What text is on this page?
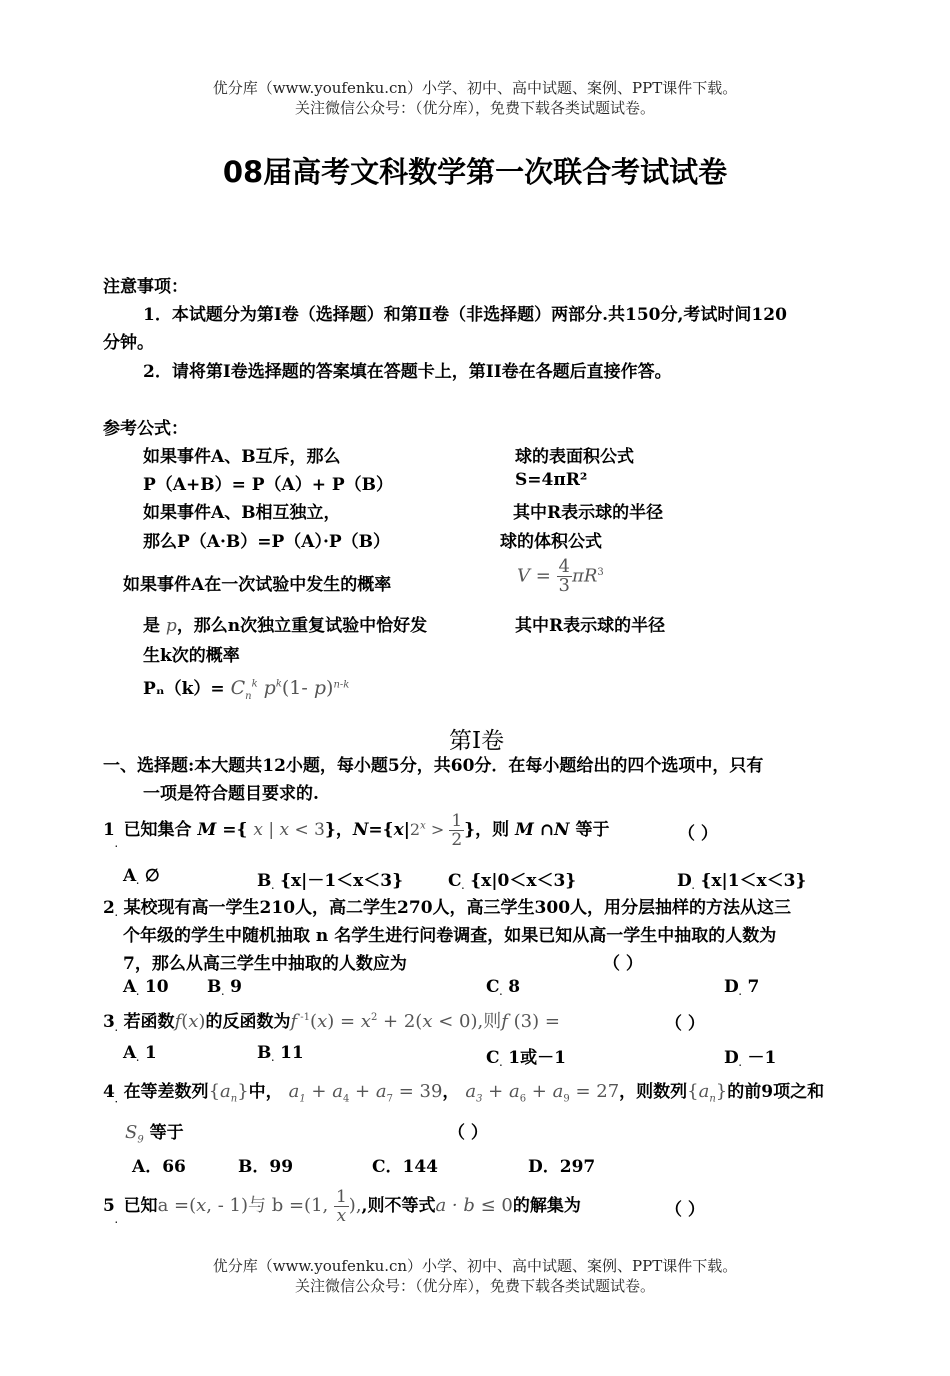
优分库（www.youfenku.cn）小学、初中、高中试题、案例、PPT课件下载。
关注微信公众号：（优分库），免费下载各类试题试卷。
08届高考文科数学第一次联合考试试卷
注意事项：
1．本试题分为第Ⅰ卷（选择题）和第Ⅱ卷（非选择题）两部分.共150分,考试时间120
分钟。
2．请将第I卷选择题的答案填在答题卡上，第II卷在各题后直接作答。
参考公式：
如果事件A、B互斥，那么
P（A+B）= P（A）+ P（B）
如果事件A、B相互独立，
那么P（A·B）=P（A）·P（B）
如果事件A在一次试验中发生的概率
是 p，那么n次独立重复试验中恰好发
生k次的概率
$P_n(k)= C_n^k$ $p^k(1-$ p)$^{n-k}$
球的表面积公式
S=4πR²
其中R表示球的半径
球的体积公式
$V = \frac{4}{3} \pi R^3$
其中R表示球的半径
第Ⅰ卷
一、选择题:本大题共12小题，每小题5分，共60分．在每小题给出的四个选项中，只有
一项是符合题目要求的.
1. 已知集合 M ={ x | x < 3}，$N=\{x|2^x > \frac{1}{2}$ }，则 M ∩N 等于	（ ）
A. ∅	B. {x|－1＜x＜3}	C. {x|0＜x＜3}	D. {x|1＜x＜3}
2. 某校现有高一学生210人，高二学生270人，高三学生300人，用分层抽样的方法从这三
个年级的学生中随机抽取 n 名学生进行问卷调查，如果已知从高一学生中抽取的人数为
7，那么从高三学生中抽取的人数应为	（ ）
A. 10 B. 9	C. 8	D. 7
3. 若函数f(x)的反函数为f $^{-1}(x) = x^2 + 2(x < 0)$,则f (3) =	（ ）
A. 1	B. 11	C. 1或－1	D. －1
4. 在等差数列$\{a_n\}$中， $a_1 + a_4 + a_7 = 39$， $a_3 + a_6 + a_9 = 27$，则数列$\{a_n\}$的前9项之和
$S_9$ 等于	（ ）
A．66	B．99	C．144	D．297
5. 已知a =(x, - 1)与 b =(1, $\frac{1}{x}$ ),,则不等式a · b ≤ 0的解集为	（ ）
优分库（www.youfenku.cn）小学、初中、高中试题、案例、PPT课件下载。
关注微信公众号：（优分库），免费下载各类试题试卷。
